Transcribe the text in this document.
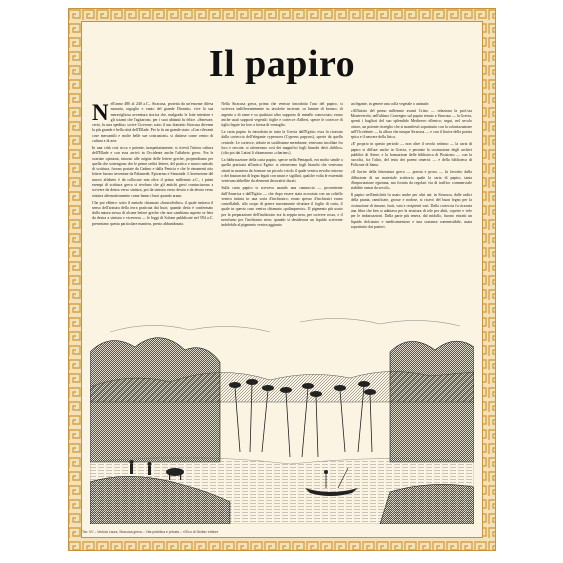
Il papiro

Nell'anno 480 al 240 a.C., Siracusa, protetta da un'enorme difesa muraria, orgoglio e vanto del grande Dionisio, vive la sua meravigliosa avventura storica che, malgrado le lotte intestine e gli sciami che l'agitarono, per i suoi abitanti fu felice. «Sinesote, certo, fu una spedita» scrive Cicerone; sotto il suo dominio Siracusa divenne la più grande e bella città dell'Ellade. Per lo fu un grande stato: «Con rilevanti cose mercantili e molte belle sue costruzioni» si distinse come centro di cultura e di arte.

In una città così ricca e potente, inaspettatamente, si rivestì l'intera cultura dell'Ellade e con essa arrivò in Occidente anche l'alfabeto greco. Fra le svariate opinioni, intorno alle origini delle lettere greche, propendiamo per quella che sostengono che le prime sedici lettere, del pratico e nuovo metodo di scrittura, furono portate da Cadmo e dalla Fenicia e che le rimanenti otto lettere furono inventate da Palamede, Epicarmo e Simonide. L'invenzione del nuovo alfabeto è da collocare non oltre il primo millennio a.C., i primi esempi di scrittura greca si rivelano che gli antichi greci cominciarono a scrivere da destra verso sinistra, poi da sinistra verso destra e da destra verso sinistra alternativamente come fanno i buoi quando arano.

Che poi ebbero: sotto il metodo chiamato «bustrofedico» il quale imitava il senso dell'aratura della terra praticata dai buoi; quando detto è confermato dalla natura stessa di alcune lettere greche che non cambiano aspetto se lette da destra a sinistra e viceversa — le leggi di Solone pubblicate nel 594 a.C. presentano questa particolare maniera, presto abbandonata.

Nella Siracusa greca, prima che venisse introdotto l'uso del papiro, si scriveva indifferentemente su tavolette incerate, su lamine di bronzo, di argento o di rame e su qualsiasi altro supporto di metallo conosciuto; erano anche usati supporti vegetali: foglie e cortecce d'alberi, specie le cortecce di tiglio legate fra loro a forma di ventaglio.

La carta papiro fu introdotta in tutta la Grecia dall'Egitto; essa fu ricavata dalla corteccia dell'elegante cyperacea (Cyperus papyrus), specie da quella centrale. Le cortecce, ridotte in sottilissime membrane, venivano incollate fra loro e seccate, si ottenevano così dei magnifici fogli bianchi detti «biblos» (olio poi dai Latini li chiamarono «chartae»).

La fabbricazione della carta papiro, specie nella Pentapoli, era molto simile a quella praticata all'antico Egitto: si ottenevano fogli bianchi che venivano stirati in maniera da formare un piccolo rotolo il quale veniva avvolto intorno o dei bastoncini di legno legati con nastri e sigillati, qualche volta le estremità venivano abbellite da elementi decorativi dorati.

Sulla carta papiro si scriveva usando una cannuccia — proveniente dall'America e dall'Egitto — che dopo essere stata accostata con un coltello veniva intinta in una sorta d'inchiostro; erano spesso d'inchiostri erano cancellabili, allo scopo di potere nuovamente sfruttare il foglio di carta, il quale in questo caso veniva chiamato «palimpsesto». Il pigmento più usato per la preparazione dell'inchiostro era la seppia nera, per scrivere rosso, e il nerofumo per l'inchiostro nero; quando si desiderava un liquido scrivente indelebile al pigmento veniva aggiunto

un legante, in genere una colla vegetale o animale.

«All'inizio del primo millennio avanti Cristo — relaziona la prof.ssa Monteverchi, nell'ultimo Convegno sul papiro tenuto a Siracusa — la Grecia, spenti i bagliori del suo splendido Medioevo ellenico; segui, nel secolo ottavo, un potente risveglio che si manifestò soprattutto con la colonizzazione nell'Occidente — fu allora che nasque Siracusa — e con il fiorire della poesia epica e il nascere della lirica.

«E' proprio in questo periodo — non oltre il secolo settimo — la carta di papiro si diffuse anche in Grecia, e permise la costruzione degli archivi pubblici di Atene, e la formazione delle biblioteca di Pisistrato — con la raccolta, fra l'altro, del testo dei poemi omerici — e della biblioteca di Policrate di Samo.

«Il fiorire della letteratura greca — poesia e prosa — fu favorito dalla diffusione di un materiale scrittorio quale la carta di papiro, tanta d'importazione egiziana, ma fornita da regolari via di traffico commerciale stabilite ormai da secoli».

Il papiro nell'antichità fu usato anche per altri usi: in Siracusa, dalle radici della pianta, ramificate, grosse e nodose, si ricavò del buon legno per la costruzione di tinozze, fusti, vasi e recipienti vari. Dalla corteccia fu ricavata una fibra che ben si adattava per la tessitura di tele per abiti, coperte e vele per le imbarcazioni. Dalla parte più tenera, dal midollo, furono estratti un liquido dolciastro e medicamentoso e una sostanza commestibile, usata soprattutto dai pastori.

Tav. XV – Veduta Laura, Siracusa greca – Vita pubblica e privata – «l'Eco di Sicilia» editore
